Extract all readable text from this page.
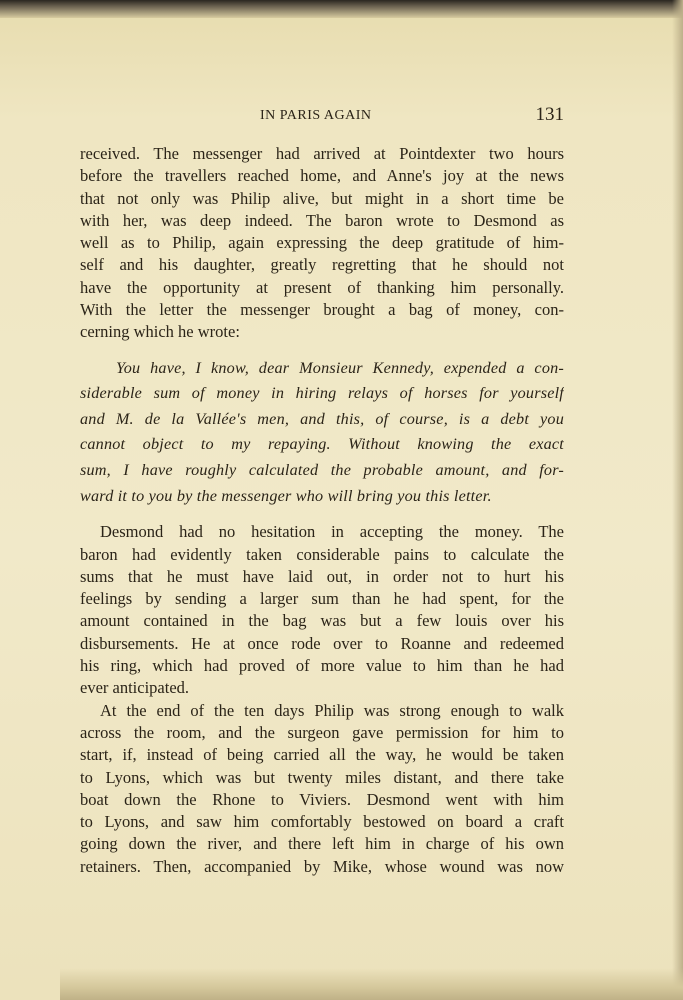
IN PARIS AGAIN	131
received. The messenger had arrived at Pointdexter two hours
before the travellers reached home, and Anne's joy at the news
that not only was Philip alive, but might in a short time be
with her, was deep indeed. The baron wrote to Desmond as
well as to Philip, again expressing the deep gratitude of him-
self and his daughter, greatly regretting that he should not
have the opportunity at present of thanking him personally.
With the letter the messenger brought a bag of money, con-
cerning which he wrote:
You have, I know, dear Monsieur Kennedy, expended a con-
siderable sum of money in hiring relays of horses for yourself
and M. de la Vallée's men, and this, of course, is a debt you
cannot object to my repaying. Without knowing the exact
sum, I have roughly calculated the probable amount, and for-
ward it to you by the messenger who will bring you this letter.
Desmond had no hesitation in accepting the money. The
baron had evidently taken considerable pains to calculate the
sums that he must have laid out, in order not to hurt his
feelings by sending a larger sum than he had spent, for the
amount contained in the bag was but a few louis over his
disbursements. He at once rode over to Roanne and redeemed
his ring, which had proved of more value to him than he had
ever anticipated.
At the end of the ten days Philip was strong enough to walk
across the room, and the surgeon gave permission for him to
start, if, instead of being carried all the way, he would be taken
to Lyons, which was but twenty miles distant, and there take
boat down the Rhone to Viviers. Desmond went with him
to Lyons, and saw him comfortably bestowed on board a craft
going down the river, and there left him in charge of his own
retainers. Then, accompanied by Mike, whose wound was now
